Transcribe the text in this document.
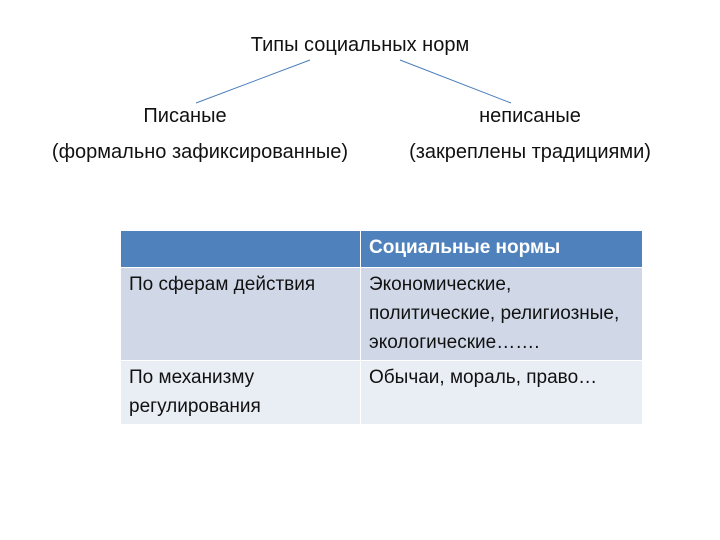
Типы социальных норм
Писаные
(формально зафиксированные)
неписаные
(закреплены традициями)
	Социальные нормы
По сферам действия	Экономические, политические, религиозные, экологические…….
По механизму регулирования	Обычаи, мораль, право…
